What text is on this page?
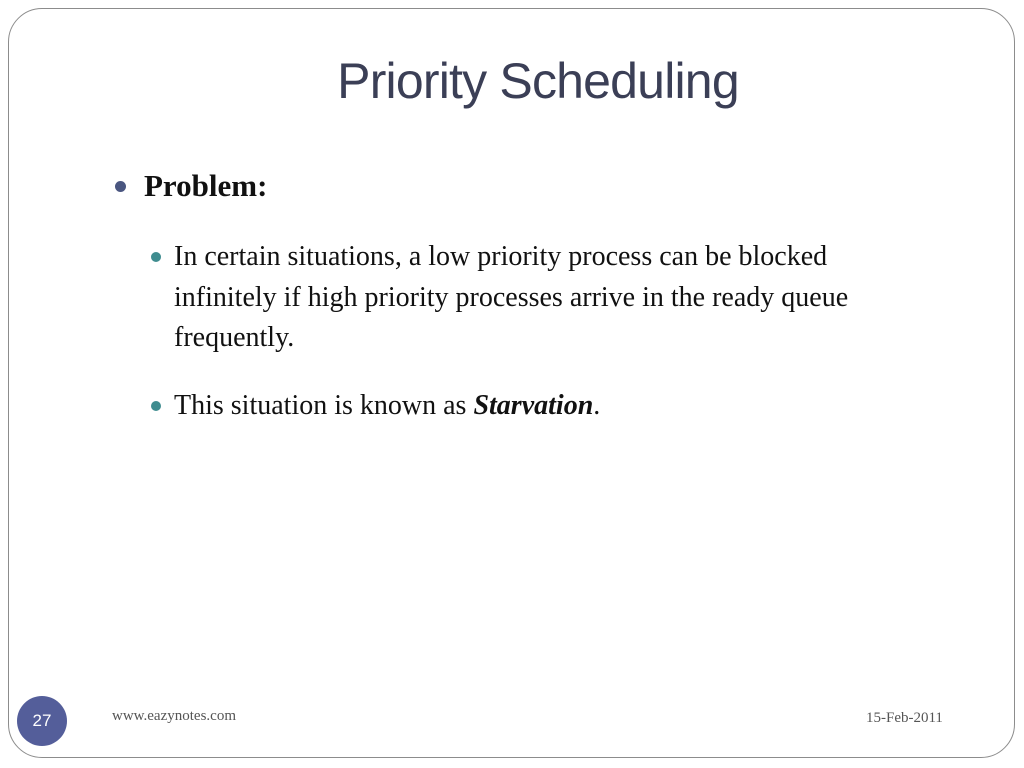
Priority Scheduling
Problem:
In certain situations, a low priority process can be blocked infinitely if high priority processes arrive in the ready queue frequently.
This situation is known as Starvation.
27	www.eazynotes.com	15-Feb-2011
